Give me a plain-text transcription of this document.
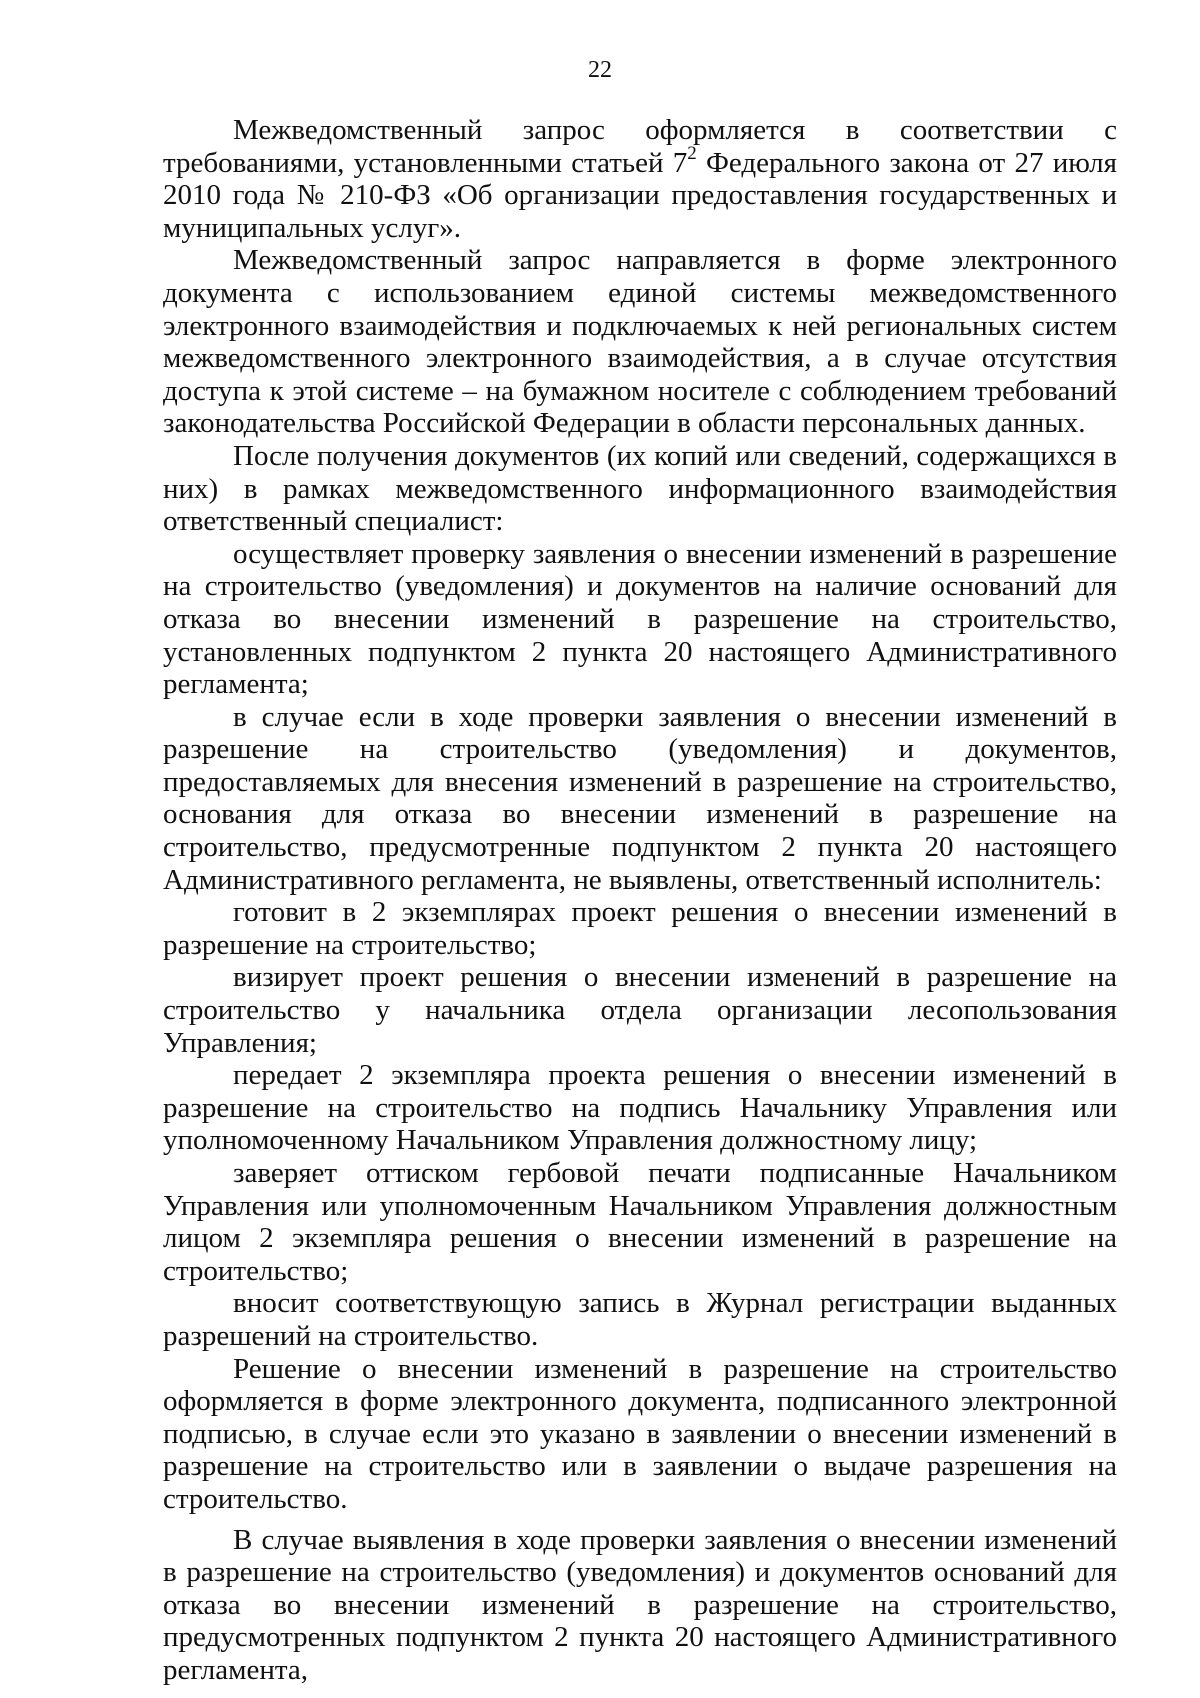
22

Межведомственный запрос оформляется в соответствии с требованиями, установленными статьей $7^2$ Федерального закона от 27 июля 2010 года № 210-ФЗ «Об организации предоставления государственных и муниципальных услуг».

Межведомственный запрос направляется в форме электронного документа с использованием единой системы межведомственного электронного взаимодействия и подключаемых к ней региональных систем межведомственного электронного взаимодействия, а в случае отсутствия доступа к этой системе – на бумажном носителе с соблюдением требований законодательства Российской Федерации в области персональных данных.

После получения документов (их копий или сведений, содержащихся в них) в рамках межведомственного информационного взаимодействия ответственный специалист:

осуществляет проверку заявления о внесении изменений в разрешение на строительство (уведомления) и документов на наличие оснований для отказа во внесении изменений в разрешение на строительство, установленных подпунктом 2 пункта 20 настоящего Административного регламента;

в случае если в ходе проверки заявления о внесении изменений в разрешение на строительство (уведомления) и документов, предоставляемых для внесения изменений в разрешение на строительство, основания для отказа во внесении изменений в разрешение на строительство, предусмотренные подпунктом 2 пункта 20 настоящего Административного регламента, не выявлены, ответственный исполнитель:

готовит в 2 экземплярах проект решения о внесении изменений в разрешение на строительство;

визирует проект решения о внесении изменений в разрешение на строительство у начальника отдела организации лесопользования Управления;

передает 2 экземпляра проекта решения о внесении изменений в разрешение на строительство на подпись Начальнику Управления или уполномоченному Начальником Управления должностному лицу;

заверяет оттиском гербовой печати подписанные Начальником Управления или уполномоченным Начальником Управления должностным лицом 2 экземпляра решения о внесении изменений в разрешение на строительство;

вносит соответствующую запись в Журнал регистрации выданных разрешений на строительство.

Решение о внесении изменений в разрешение на строительство оформляется в форме электронного документа, подписанного электронной подписью, в случае если это указано в заявлении о внесении изменений в разрешение на строительство или в заявлении о выдаче разрешения на строительство.

В случае выявления в ходе проверки заявления о внесении изменений в разрешение на строительство (уведомления) и документов оснований для отказа во внесении изменений в разрешение на строительство, предусмотренных подпунктом 2 пункта 20 настоящего Административного регламента,
